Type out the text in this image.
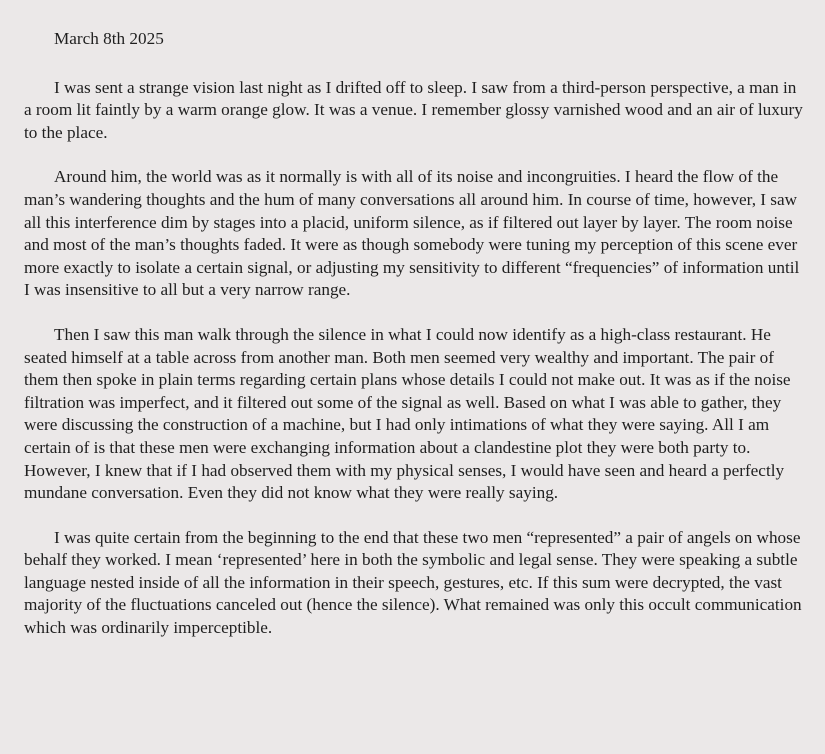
March 8th 2025

I was sent a strange vision last night as I drifted off to sleep. I saw from a third-person perspective, a man in a room lit faintly by a warm orange glow. It was a venue. I remember glossy varnished wood and an air of luxury to the place.

Around him, the world was as it normally is with all of its noise and incongruities. I heard the flow of the man’s wandering thoughts and the hum of many conversations all around him. In course of time, however, I saw all this interference dim by stages into a placid, uniform silence, as if filtered out layer by layer. The room noise and most of the man’s thoughts faded. It were as though somebody were tuning my perception of this scene ever more exactly to isolate a certain signal, or adjusting my sensitivity to different “frequencies” of information until I was insensitive to all but a very narrow range.

Then I saw this man walk through the silence in what I could now identify as a high-class restaurant. He seated himself at a table across from another man. Both men seemed very wealthy and important. The pair of them then spoke in plain terms regarding certain plans whose details I could not make out. It was as if the noise filtration was imperfect, and it filtered out some of the signal as well. Based on what I was able to gather, they were discussing the construction of a machine, but I had only intimations of what they were saying. All I am certain of is that these men were exchanging information about a clandestine plot they were both party to. However, I knew that if I had observed them with my physical senses, I would have seen and heard a perfectly mundane conversation. Even they did not know what they were really saying.

I was quite certain from the beginning to the end that these two men “represented” a pair of angels on whose behalf they worked. I mean ‘represented’ here in both the symbolic and legal sense. They were speaking a subtle language nested inside of all the information in their speech, gestures, etc. If this sum were decrypted, the vast majority of the fluctuations canceled out (hence the silence). What remained was only this occult communication which was ordinarily imperceptible.
